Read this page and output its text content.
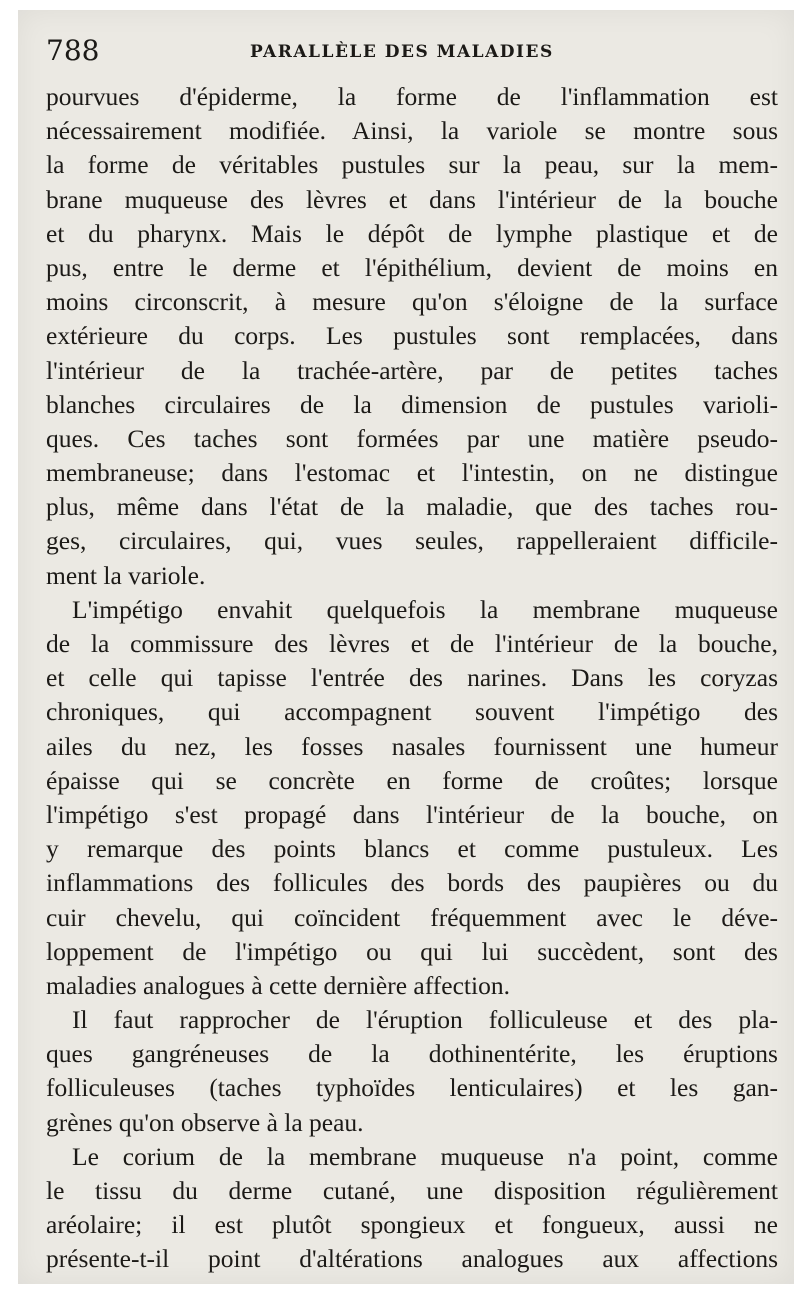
788	PARALLÈLE DES MALADIES
pourvues d'épiderme, la forme de l'inflammation est
nécessairement modifiée. Ainsi, la variole se montre sous
la forme de véritables pustules sur la peau, sur la mem-
brane muqueuse des lèvres et dans l'intérieur de la bouche
et du pharynx. Mais le dépôt de lymphe plastique et de
pus, entre le derme et l'épithélium, devient de moins en
moins circonscrit, à mesure qu'on s'éloigne de la surface
extérieure du corps. Les pustules sont remplacées, dans
l'intérieur de la trachée-artère, par de petites taches
blanches circulaires de la dimension de pustules varioli-
ques. Ces taches sont formées par une matière pseudo-
membraneuse; dans l'estomac et l'intestin, on ne distingue
plus, même dans l'état de la maladie, que des taches rou-
ges, circulaires, qui, vues seules, rappelleraient difficile-
ment la variole.
L'impétigo envahit quelquefois la membrane muqueuse
de la commissure des lèvres et de l'intérieur de la bouche,
et celle qui tapisse l'entrée des narines. Dans les coryzas
chroniques, qui accompagnent souvent l'impétigo des
ailes du nez, les fosses nasales fournissent une humeur
épaisse qui se concrète en forme de croûtes; lorsque
l'impétigo s'est propagé dans l'intérieur de la bouche, on
y remarque des points blancs et comme pustuleux. Les
inflammations des follicules des bords des paupières ou du
cuir chevelu, qui coïncident fréquemment avec le déve-
loppement de l'impétigo ou qui lui succèdent, sont des
maladies analogues à cette dernière affection.
Il faut rapprocher de l'éruption folliculeuse et des pla-
ques gangréneuses de la dothinentérite, les éruptions
folliculeuses (taches typhoïdes lenticulaires) et les gan-
grènes qu'on observe à la peau.
Le corium de la membrane muqueuse n'a point, comme
le tissu du derme cutané, une disposition régulièrement
aréolaire; il est plutôt spongieux et fongueux, aussi ne
présente-t-il point d'altérations analogues aux affections
